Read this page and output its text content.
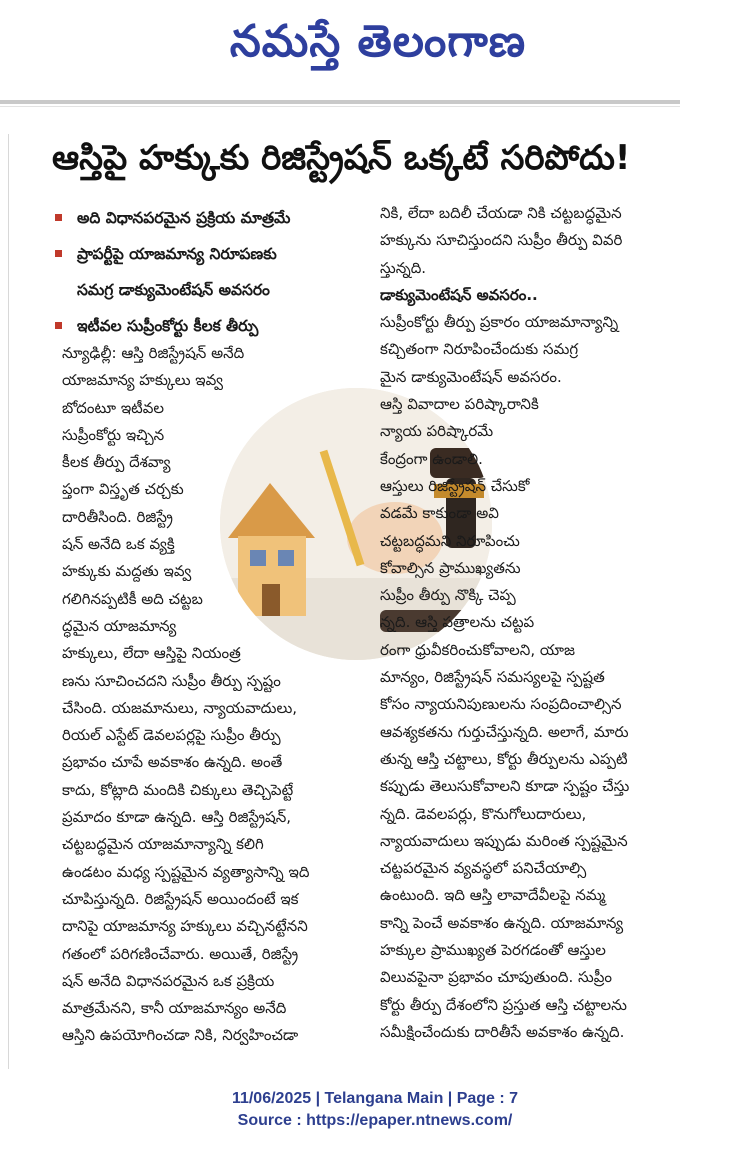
నమస్తే తెలంగాణ
ఆస్తిపై హక్కుకు రిజిస్ట్రేషన్ ఒక్కటే సరిపోదు!
అది విధానపరమైన ప్రక్రియ మాత్రమే
ప్రాపర్టీపై యాజమాన్య నిరూపణకు
సమగ్ర డాక్యుమెంటేషన్ అవసరం
ఇటీవల సుప్రీంకోర్టు కీలక తీర్పు
న్యూఢిల్లీ: ఆస్తి రిజిస్ట్రేషన్ అనేది
యాజమాన్య హక్కులు ఇవ్వ
బోదంటూ ఇటీవల
సుప్రీంకోర్టు ఇచ్చిన
కీలక తీర్పు దేశవ్యా
ప్తంగా విస్తృత చర్చకు
దారితీసింది. రిజిస్ట్రే
షన్ అనేది ఒక వ్యక్తి
హక్కుకు మద్దతు ఇవ్వ
గలిగినప్పటికీ అది చట్టబ
ద్ధమైన యాజమాన్య
హక్కులు, లేదా ఆస్తిపై నియంత్ర
ణను సూచించదని సుప్రీం తీర్పు స్పష్టం
చేసింది. యజమానులు, న్యాయవాదులు,
రియల్ ఎస్టేట్ డెవలపర్లపై సుప్రీం తీర్పు
ప్రభావం చూపే అవకాశం ఉన్నది. అంతే
కాదు, కోట్లాది మందికి చిక్కులు తెచ్చిపెట్టే
ప్రమాదం కూడా ఉన్నది. ఆస్తి రిజిస్ట్రేషన్,
చట్టబద్ధమైన యాజమాన్యాన్ని కలిగి
ఉండటం మధ్య స్పష్టమైన వ్యత్యాసాన్ని ఇది
చూపిస్తున్నది. రిజిస్ట్రేషన్ అయిందంటే ఇక
దానిపై యాజమాన్య హక్కులు వచ్చినట్టేనని
గతంలో పరిగణించేవారు. అయితే, రిజిస్ట్రే
షన్ అనేది విధానపరమైన ఒక ప్రక్రియ
మాత్రమేనని, కానీ యాజమాన్యం అనేది
ఆస్తిని ఉపయోగించడా నికి, నిర్వహించడా
నికి, లేదా బదిలీ చేయడా నికి చట్టబద్ధమైన
హక్కును సూచిస్తుందని సుప్రీం తీర్పు వివరి
స్తున్నది.
డాక్యుమెంటేషన్ అవసరం..
సుప్రీంకోర్టు తీర్పు ప్రకారం యాజమాన్యాన్ని
కచ్చితంగా నిరూపించేందుకు సమగ్ర
మైన డాక్యుమెంటేషన్ అవసరం.
ఆస్తి వివాదాల పరిష్కారానికి
న్యాయ పరిష్కారమే
కేంద్రంగా ఉండాలి.
ఆస్తులు రిజిస్ట్రేషన్ చేసుకో
వడమే కాకుండా అవి
చట్టబద్ధమని నిరూపించు
కోవాల్సిన ప్రాముఖ్యతను
సుప్రీం తీర్పు నొక్కి చెప్ప
న్నది. ఆస్తి పత్రాలను చట్టప
రంగా ధ్రువీకరించుకోవాలని, యాజ
మాన్యం, రిజిస్ట్రేషన్ సమస్యలపై స్పష్టత
కోసం న్యాయనిపుణులను సంప్రదించాల్సిన
ఆవశ్యకతను గుర్తుచేస్తున్నది. అలాగే, మారు
తున్న ఆస్తి చట్టాలు, కోర్టు తీర్పులను ఎప్పటి
కప్పుడు తెలుసుకోవాలని కూడా స్పష్టం చేస్తు
న్నది. డెవలపర్లు, కొనుగోలుదారులు,
న్యాయవాదులు ఇప్పుడు మరింత స్పష్టమైన
చట్టపరమైన వ్యవస్థలో పనిచేయాల్సి
ఉంటుంది. ఇది ఆస్తి లావాదేవీలపై నమ్మ
కాన్ని పెంచే అవకాశం ఉన్నది. యాజమాన్య
హక్కుల ప్రాముఖ్యత పెరగడంతో ఆస్తుల
విలువపైనా ప్రభావం చూపుతుంది. సుప్రీం
కోర్టు తీర్పు దేశంలోని ప్రస్తుత ఆస్తి చట్టాలను
సమీక్షించేందుకు దారితీసే అవకాశం ఉన్నది.
11/06/2025 | Telangana Main | Page : 7
Source : https://epaper.ntnews.com/
